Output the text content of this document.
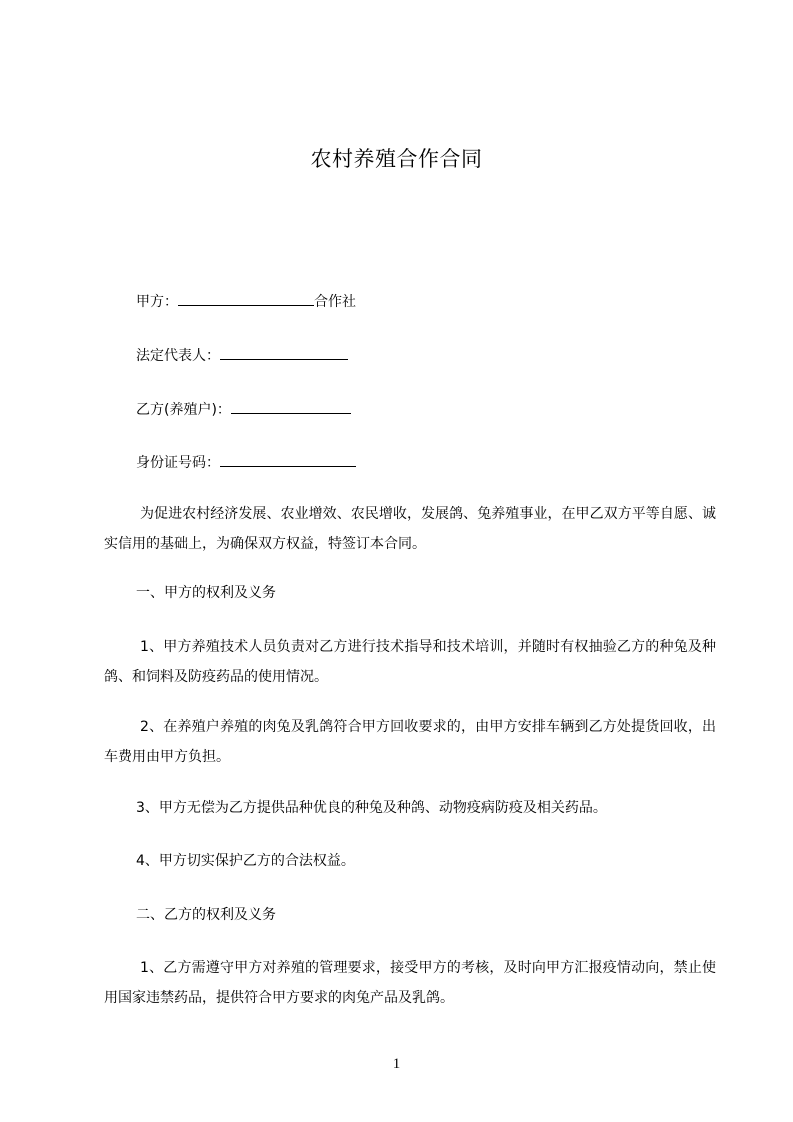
农村养殖合作合同
甲方：	合作社
法定代表人：
乙方(养殖户)：
身份证号码：
为促进农村经济发展、农业增效、农民增收，发展鸽、兔养殖事业，在甲乙双方平等自愿、诚实信用的基础上，为确保双方权益，特签订本合同。
一、甲方的权利及义务
1、甲方养殖技术人员负责对乙方进行技术指导和技术培训，并随时有权抽验乙方的种兔及种鸽、和饲料及防疫药品的使用情况。
2、在养殖户养殖的肉兔及乳鸽符合甲方回收要求的，由甲方安排车辆到乙方处提货回收，出车费用由甲方负担。
3、甲方无偿为乙方提供品种优良的种兔及种鸽、动物疫病防疫及相关药品。
4、甲方切实保护乙方的合法权益。
二、乙方的权利及义务
1、乙方需遵守甲方对养殖的管理要求，接受甲方的考核，及时向甲方汇报疫情动向，禁止使用国家违禁药品，提供符合甲方要求的肉兔产品及乳鸽。
1
